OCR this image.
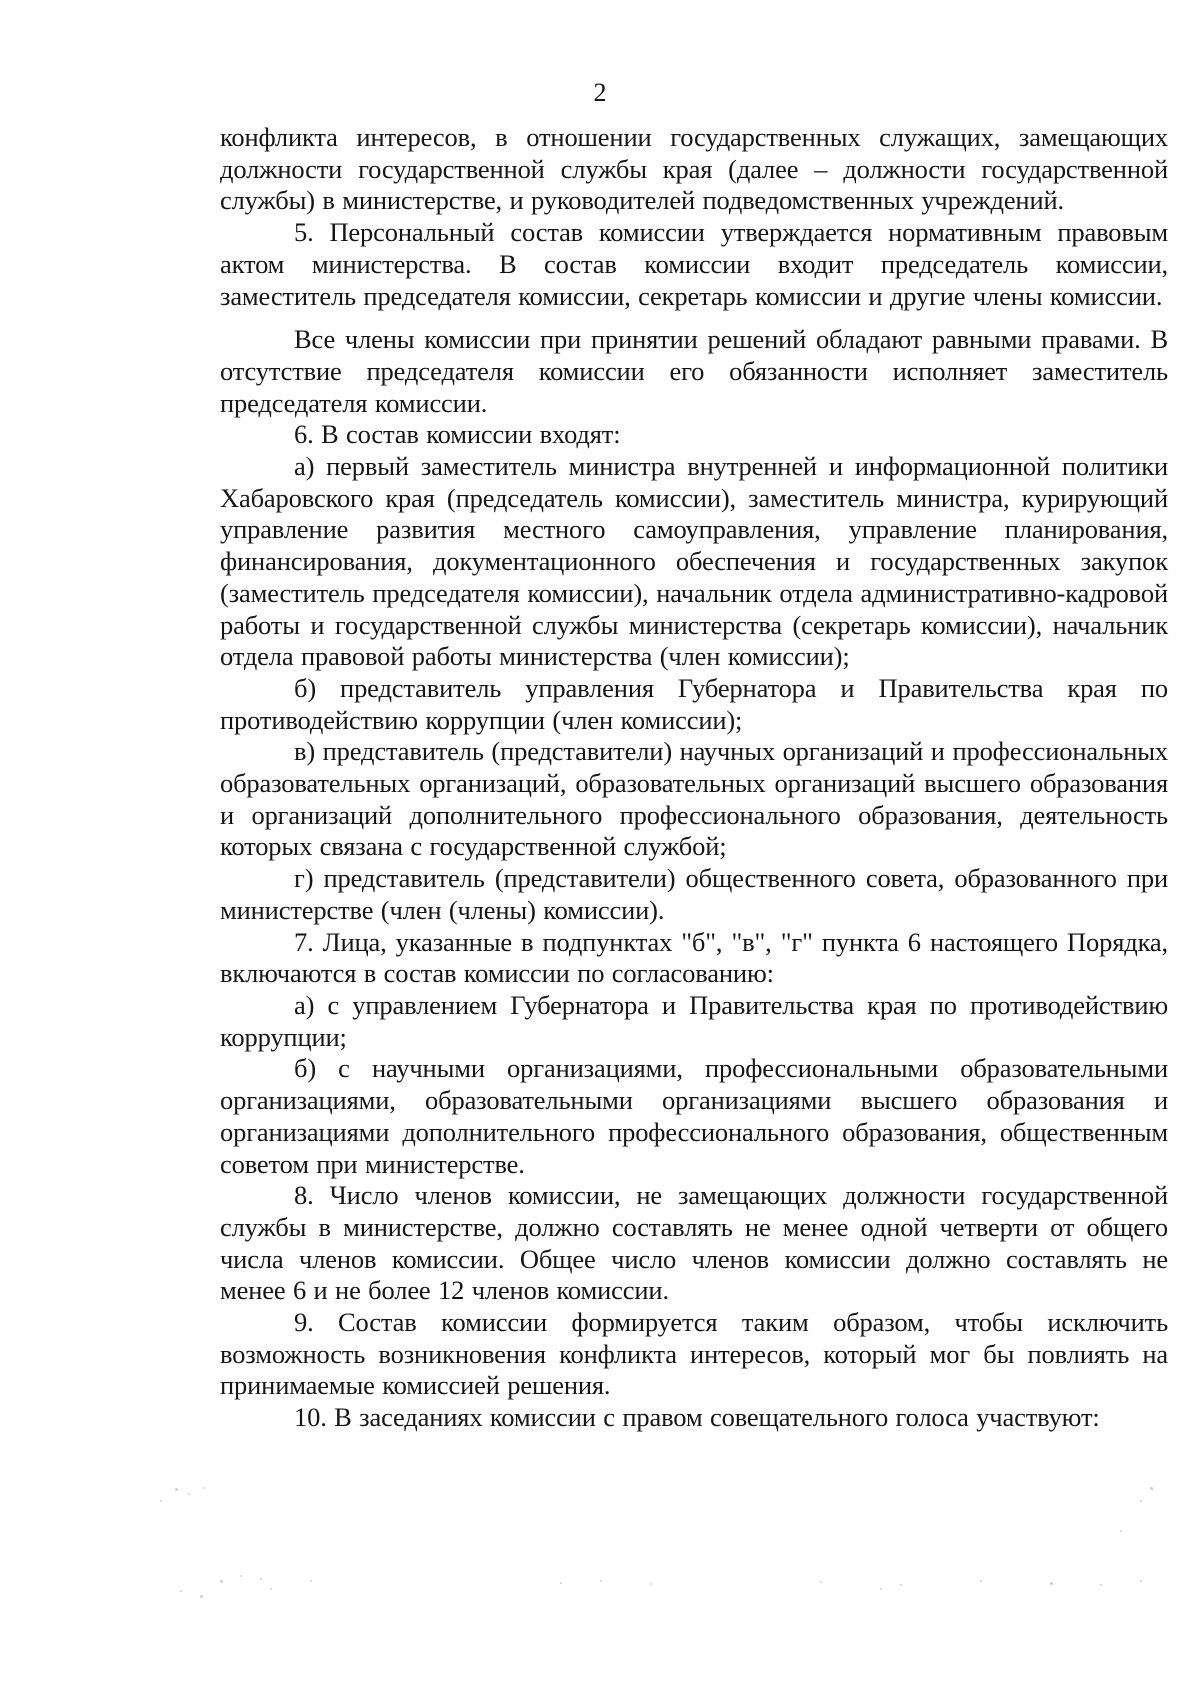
2

конфликта интересов, в отношении государственных служащих, замещающих должности государственной службы края (далее – должности государственной службы) в министерстве, и руководителей подведомственных учреждений.

5. Персональный состав комиссии утверждается нормативным правовым актом министерства. В состав комиссии входит председатель комиссии, заместитель председателя комиссии, секретарь комиссии и другие члены комиссии.

Все члены комиссии при принятии решений обладают равными правами. В отсутствие председателя комиссии его обязанности исполняет заместитель председателя комиссии.

6. В состав комиссии входят:

а) первый заместитель министра внутренней и информационной политики Хабаровского края (председатель комиссии), заместитель министра, курирующий управление развития местного самоуправления, управление планирования, финансирования, документационного обеспечения и государственных закупок (заместитель председателя комиссии), начальник отдела административно-кадровой работы и государственной службы министерства (секретарь комиссии), начальник отдела правовой работы министерства (член комиссии);

б) представитель управления Губернатора и Правительства края по противодействию коррупции (член комиссии);

в) представитель (представители) научных организаций и профессиональных образовательных организаций, образовательных организаций высшего образования и организаций дополнительного профессионального образования, деятельность которых связана с государственной службой;

г) представитель (представители) общественного совета, образованного при министерстве (член (члены) комиссии).

7. Лица, указанные в подпунктах "б", "в", "г" пункта 6 настоящего Порядка, включаются в состав комиссии по согласованию:

а) с управлением Губернатора и Правительства края по противодействию коррупции;

б) с научными организациями, профессиональными образовательными организациями, образовательными организациями высшего образования и организациями дополнительного профессионального образования, общественным советом при министерстве.

8. Число членов комиссии, не замещающих должности государственной службы в министерстве, должно составлять не менее одной четверти от общего числа членов комиссии. Общее число членов комиссии должно составлять не менее 6 и не более 12 членов комиссии.

9. Состав комиссии формируется таким образом, чтобы исключить возможность возникновения конфликта интересов, который мог бы повлиять на принимаемые комиссией решения.

10. В заседаниях комиссии с правом совещательного голоса участвуют:
